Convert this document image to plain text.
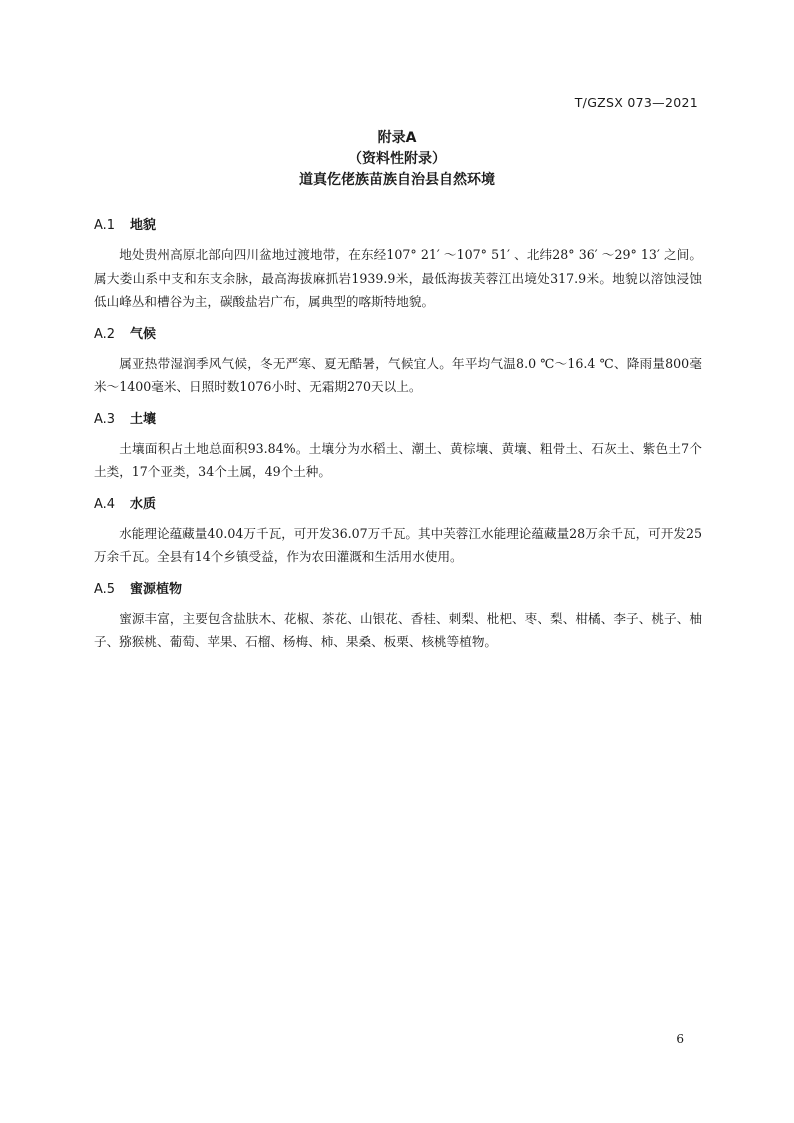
T/GZSX 073—2021
附录A
（资料性附录）
道真仡佬族苗族自治县自然环境
A.1 地貌

地处贵州高原北部向四川盆地过渡地带，在东经107° 21′ ～107° 51′ 、北纬28° 36′ ～29° 13′ 之间。属大娄山系中支和东支余脉，最高海拔麻抓岩1939.9米，最低海拔芙蓉江出境处317.9米。地貌以溶蚀浸蚀低山峰丛和槽谷为主，碳酸盐岩广布，属典型的喀斯特地貌。

A.2 气候

属亚热带湿润季风气候，冬无严寒、夏无酷暑，气候宜人。年平均气温8.0 ℃～16.4 ℃、降雨量800毫米～1400毫米、日照时数1076小时、无霜期270天以上。

A.3 土壤

土壤面积占土地总面积93.84%。土壤分为水稻土、潮土、黄棕壤、黄壤、粗骨土、石灰土、紫色土7个土类，17个亚类，34个土属，49个土种。

A.4 水质

水能理论蕴藏量40.04万千瓦，可开发36.07万千瓦。其中芙蓉江水能理论蕴藏量28万余千瓦，可开发25万余千瓦。全县有14个乡镇受益，作为农田灌溉和生活用水使用。

A.5 蜜源植物

蜜源丰富，主要包含盐肤木、花椒、茶花、山银花、香桂、刺梨、枇杷、枣、梨、柑橘、李子、桃子、柚子、猕猴桃、葡萄、苹果、石榴、杨梅、柿、果桑、板栗、核桃等植物。

6
